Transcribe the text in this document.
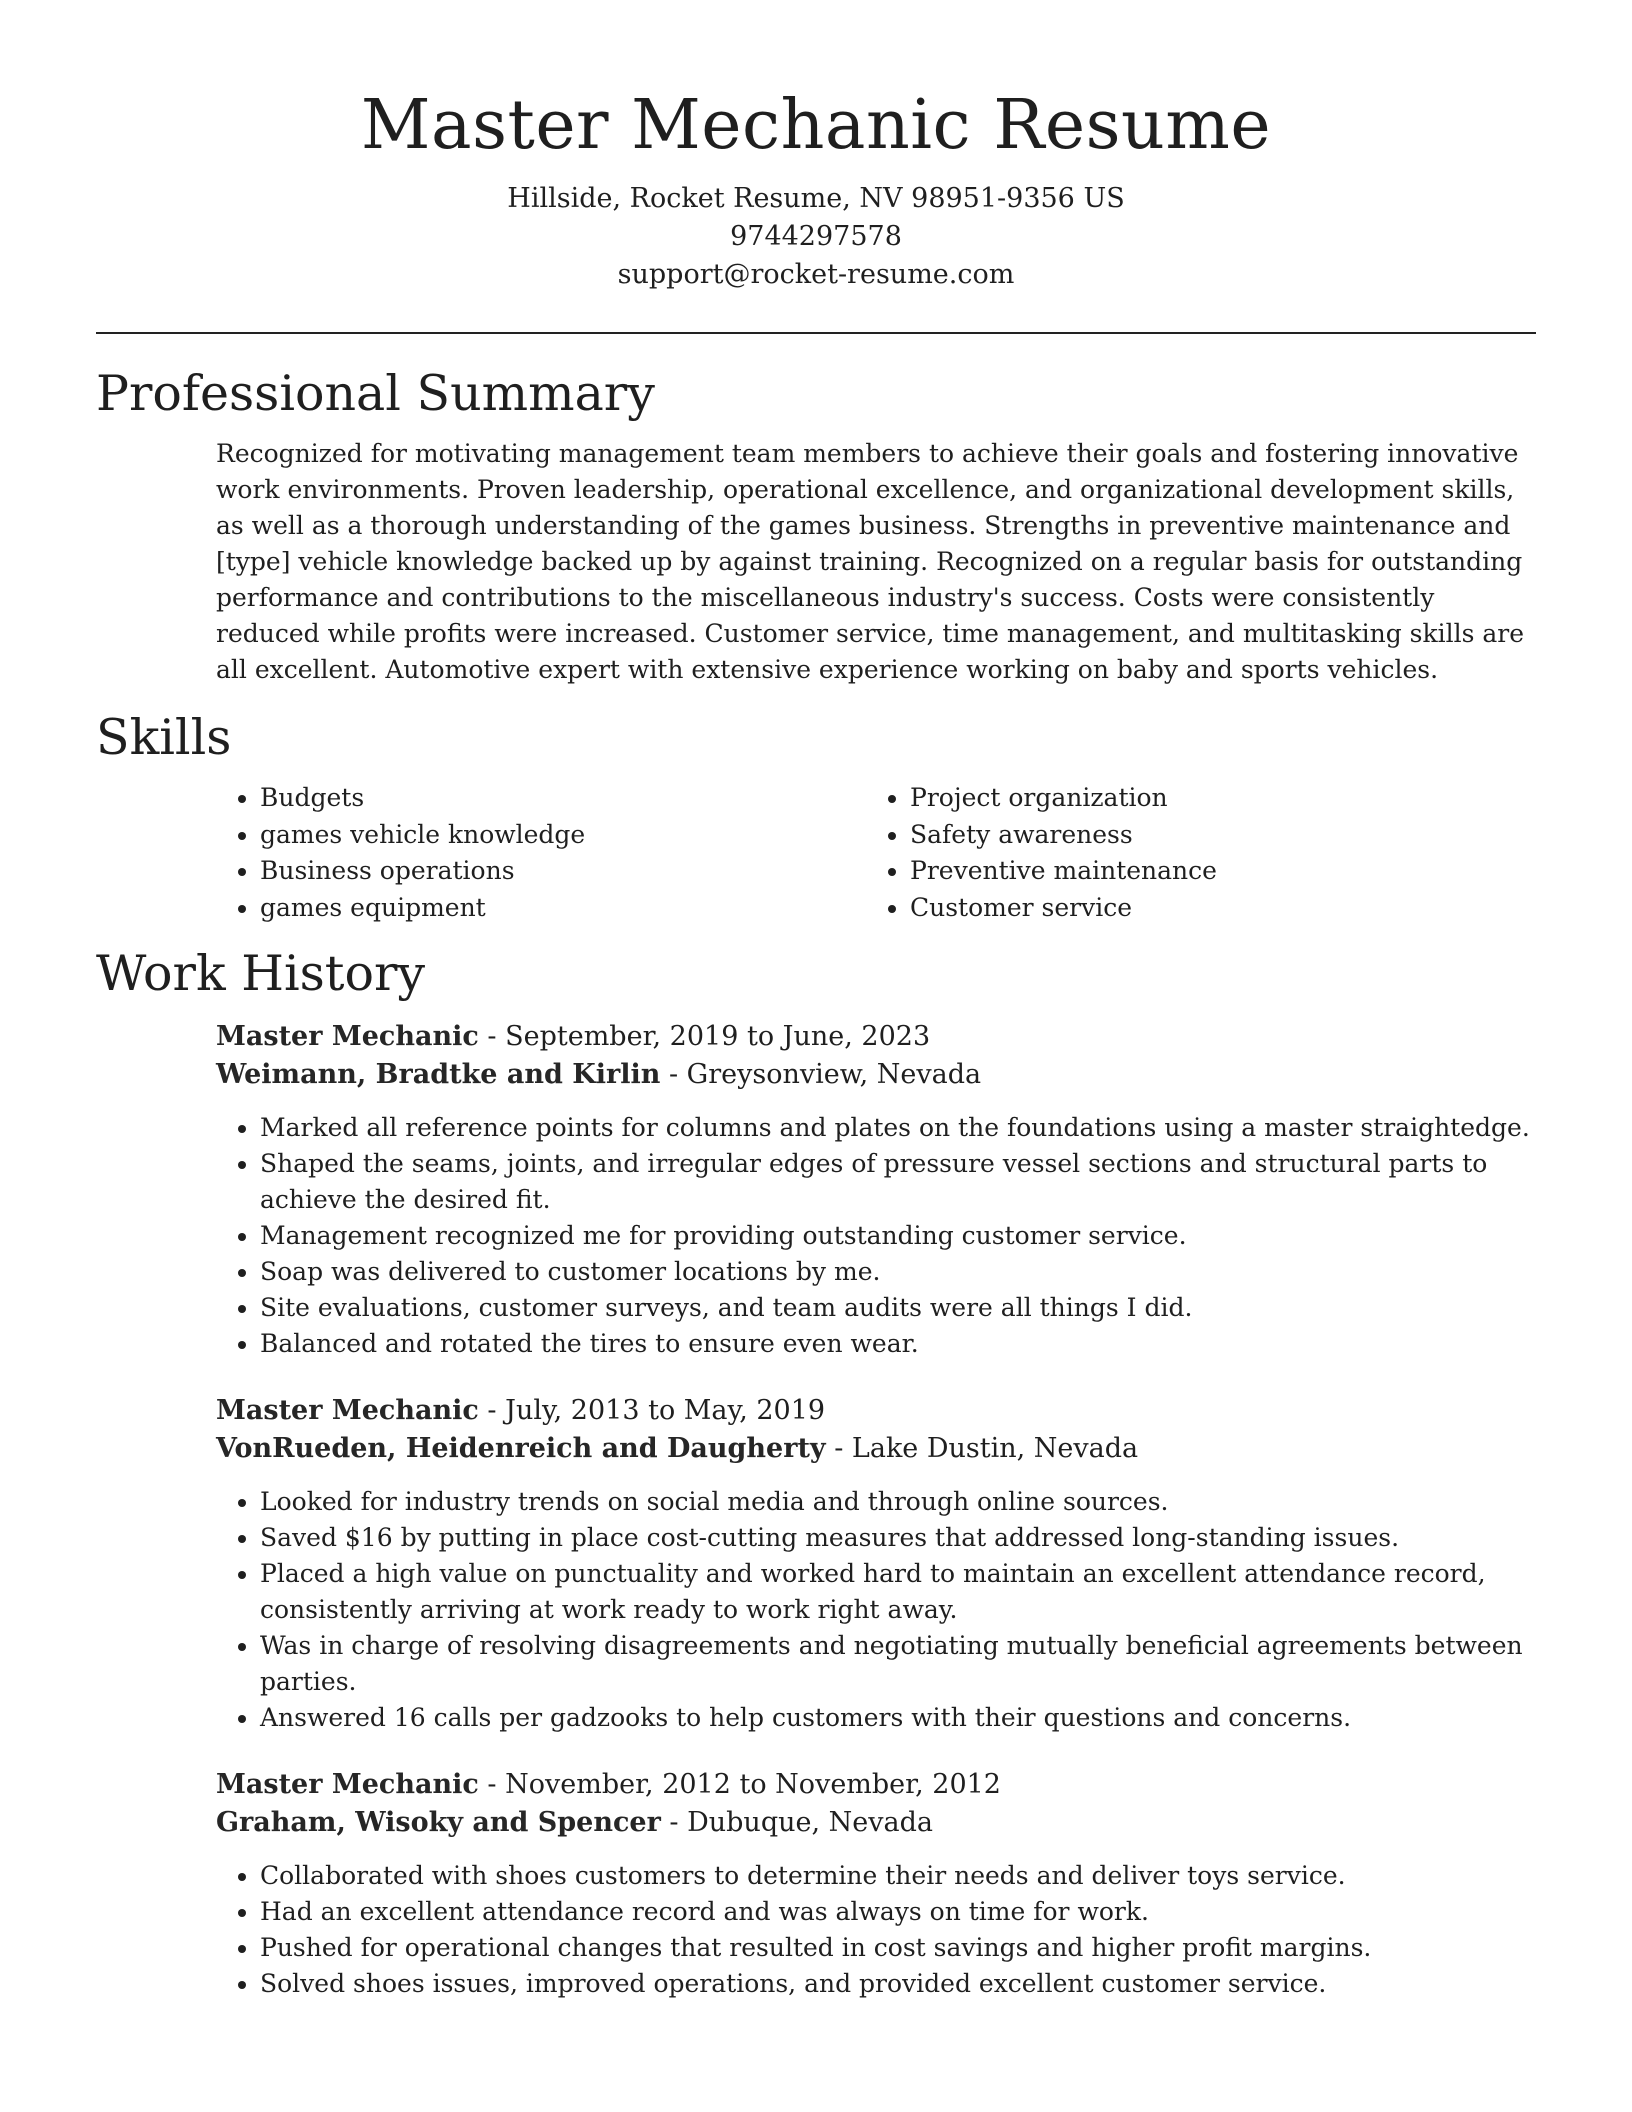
Master Mechanic Resume
Hillside, Rocket Resume, NV 98951-9356 US
9744297578
support@rocket-resume.com
Professional Summary

Recognized for motivating management team members to achieve their goals and fostering innovative work environments. Proven leadership, operational excellence, and organizational development skills, as well as a thorough understanding of the games business. Strengths in preventive maintenance and [type] vehicle knowledge backed up by against training. Recognized on a regular basis for outstanding performance and contributions to the miscellaneous industry's success. Costs were consistently reduced while profits were increased. Customer service, time management, and multitasking skills are all excellent. Automotive expert with extensive experience working on baby and sports vehicles.

Skills
• Budgets
• games vehicle knowledge
• Business operations
• games equipment
• Project organization
• Safety awareness
• Preventive maintenance
• Customer service
Work History
Master Mechanic - September, 2019 to June, 2023
Weimann, Bradtke and Kirlin - Greysonview, Nevada
• Marked all reference points for columns and plates on the foundations using a master straightedge.
• Shaped the seams, joints, and irregular edges of pressure vessel sections and structural parts to achieve the desired fit.
• Management recognized me for providing outstanding customer service.
• Soap was delivered to customer locations by me.
• Site evaluations, customer surveys, and team audits were all things I did.
• Balanced and rotated the tires to ensure even wear.
Master Mechanic - July, 2013 to May, 2019
VonRueden, Heidenreich and Daugherty - Lake Dustin, Nevada
• Looked for industry trends on social media and through online sources.
• Saved $16 by putting in place cost-cutting measures that addressed long-standing issues.
• Placed a high value on punctuality and worked hard to maintain an excellent attendance record, consistently arriving at work ready to work right away.
• Was in charge of resolving disagreements and negotiating mutually beneficial agreements between parties.
• Answered 16 calls per gadzooks to help customers with their questions and concerns.
Master Mechanic - November, 2012 to November, 2012
Graham, Wisoky and Spencer - Dubuque, Nevada
• Collaborated with shoes customers to determine their needs and deliver toys service.
• Had an excellent attendance record and was always on time for work.
• Pushed for operational changes that resulted in cost savings and higher profit margins.
• Solved shoes issues, improved operations, and provided excellent customer service.
